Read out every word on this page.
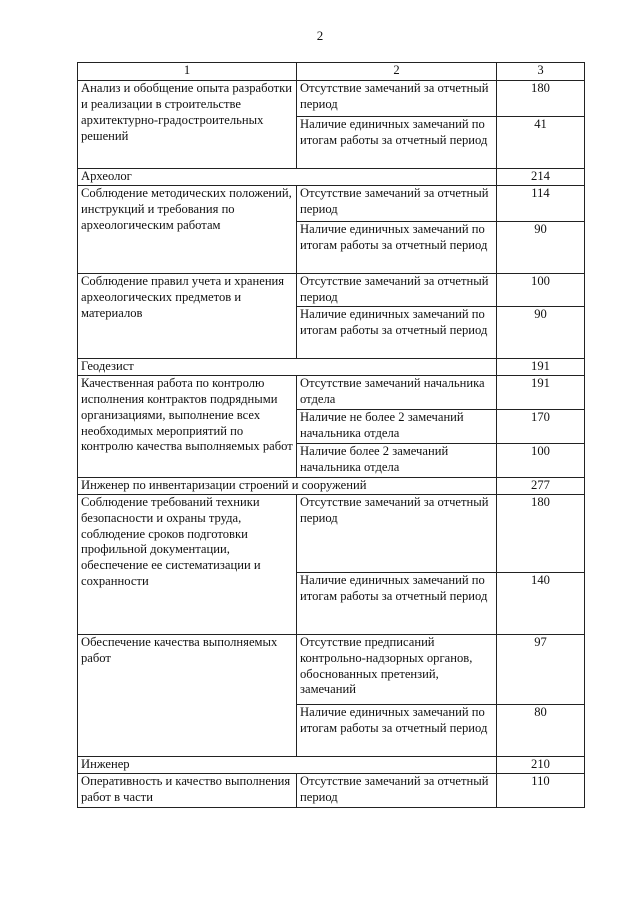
2
1	2	3
Анализ и обобщение опыта разработки и реализации в строительстве архитектурно-градостроительных решений	Отсутствие замечаний за отчетный период	180
	Наличие единичных замечаний по итогам работы за отчетный период	41
Археолог		214
Соблюдение методических положений, инструкций и требования по археологическим работам	Отсутствие замечаний за отчетный период	114
	Наличие единичных замечаний по итогам работы за отчетный период	90
Соблюдение правил учета и хранения археологических предметов и материалов	Отсутствие замечаний за отчетный период	100
	Наличие единичных замечаний по итогам работы за отчетный период	90
Геодезист		191
Качественная работа по контролю исполнения контрактов подрядными организациями, выполнение всех необходимых мероприятий по контролю качества выполняемых работ	Отсутствие замечаний начальника отдела	191
	Наличие не более 2 замечаний начальника отдела	170
	Наличие более 2 замечаний начальника отдела	100
Инженер по инвентаризации строений и сооружений		277
Соблюдение требований техники безопасности и охраны труда, соблюдение сроков подготовки профильной документации, обеспечение ее систематизации и сохранности	Отсутствие замечаний за отчетный период	180
	Наличие единичных замечаний по итогам работы за отчетный период	140
Обеспечение качества выполняемых работ	Отсутствие предписаний контрольно-надзорных органов, обоснованных претензий, замечаний	97
	Наличие единичных замечаний по итогам работы за отчетный период	80
Инженер		210
Оперативность и качество выполнения работ в части	Отсутствие замечаний за отчетный период	110
